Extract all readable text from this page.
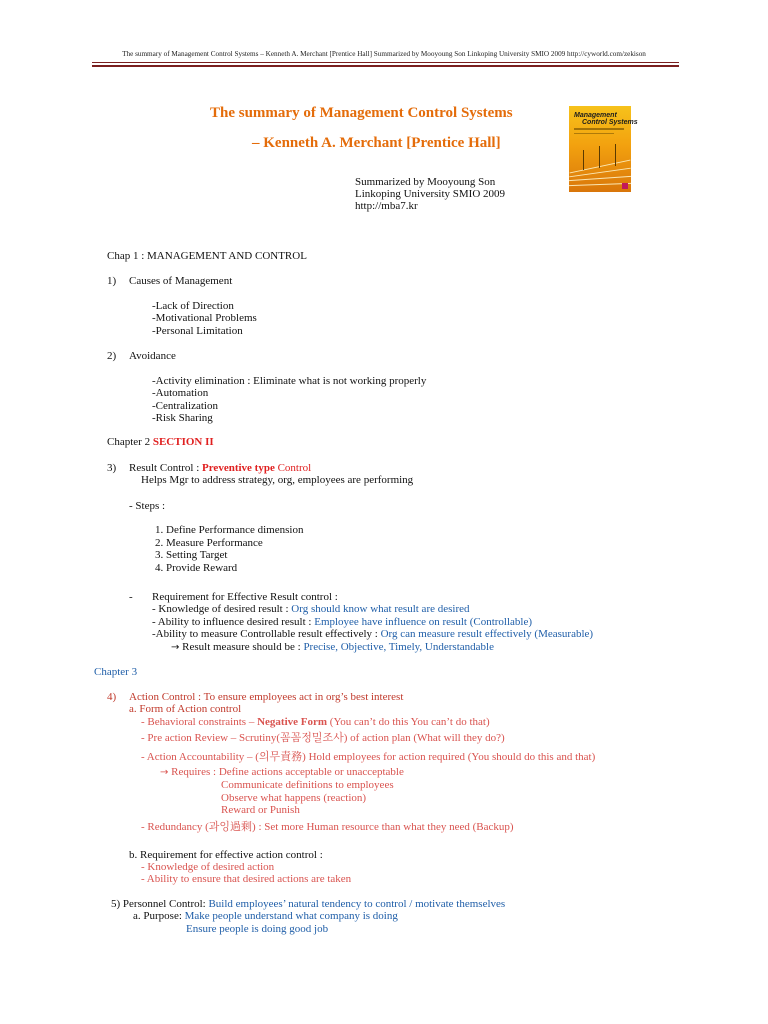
The summary of Management Control Systems – Kenneth A. Merchant [Prentice Hall] Summarized by Mooyoung Son Linkoping University SMIO 2009 http://cyworld.com/zekison
The summary of Management Control Systems
– Kenneth A. Merchant [Prentice Hall]
Management
Control Systems
Summarized by Mooyoung Son
Linkoping University SMIO 2009
http://mba7.kr
Chap 1 : MANAGEMENT AND CONTROL
1) Causes of Management
-Lack of Direction
-Motivational Problems
-Personal Limitation
2) Avoidance
-Activity elimination : Eliminate what is not working properly
-Automation
-Centralization
-Risk Sharing
Chapter 2 SECTION II
3) Result Control : Preventive type Control
Helps Mgr to address strategy, org, employees are performing
- Steps :
1. Define Performance dimension
2. Measure Performance
3. Setting Target
4. Provide Reward
- Requirement for Effective Result control :
- Knowledge of desired result : Org should know what result are desired
- Ability to influence desired result : Employee have influence on result (Controllable)
-Ability to measure Controllable result effectively : Org can measure result effectively (Measurable)
→ Result measure should be : Precise, Objective, Timely, Understandable
Chapter 3
4) Action Control : To ensure employees act in org’s best interest
a. Form of Action control
- Behavioral constraints – Negative Form (You can’t do this You can’t do that)
- Pre action Review – Scrutiny(꼼꼼정밀조사) of action plan (What will they do?)
- Action Accountability – (의무責務) Hold employees for action required (You should do this and that)
→ Requires : Define actions acceptable or unacceptable
Communicate definitions to employees
Observe what happens (reaction)
Reward or Punish
- Redundancy (과잉過剩) : Set more Human resource than what they need (Backup)
b. Requirement for effective action control :
- Knowledge of desired action
- Ability to ensure that desired actions are taken
5) Personnel Control: Build employees’ natural tendency to control / motivate themselves
a. Purpose: Make people understand what company is doing
Ensure people is doing good job
